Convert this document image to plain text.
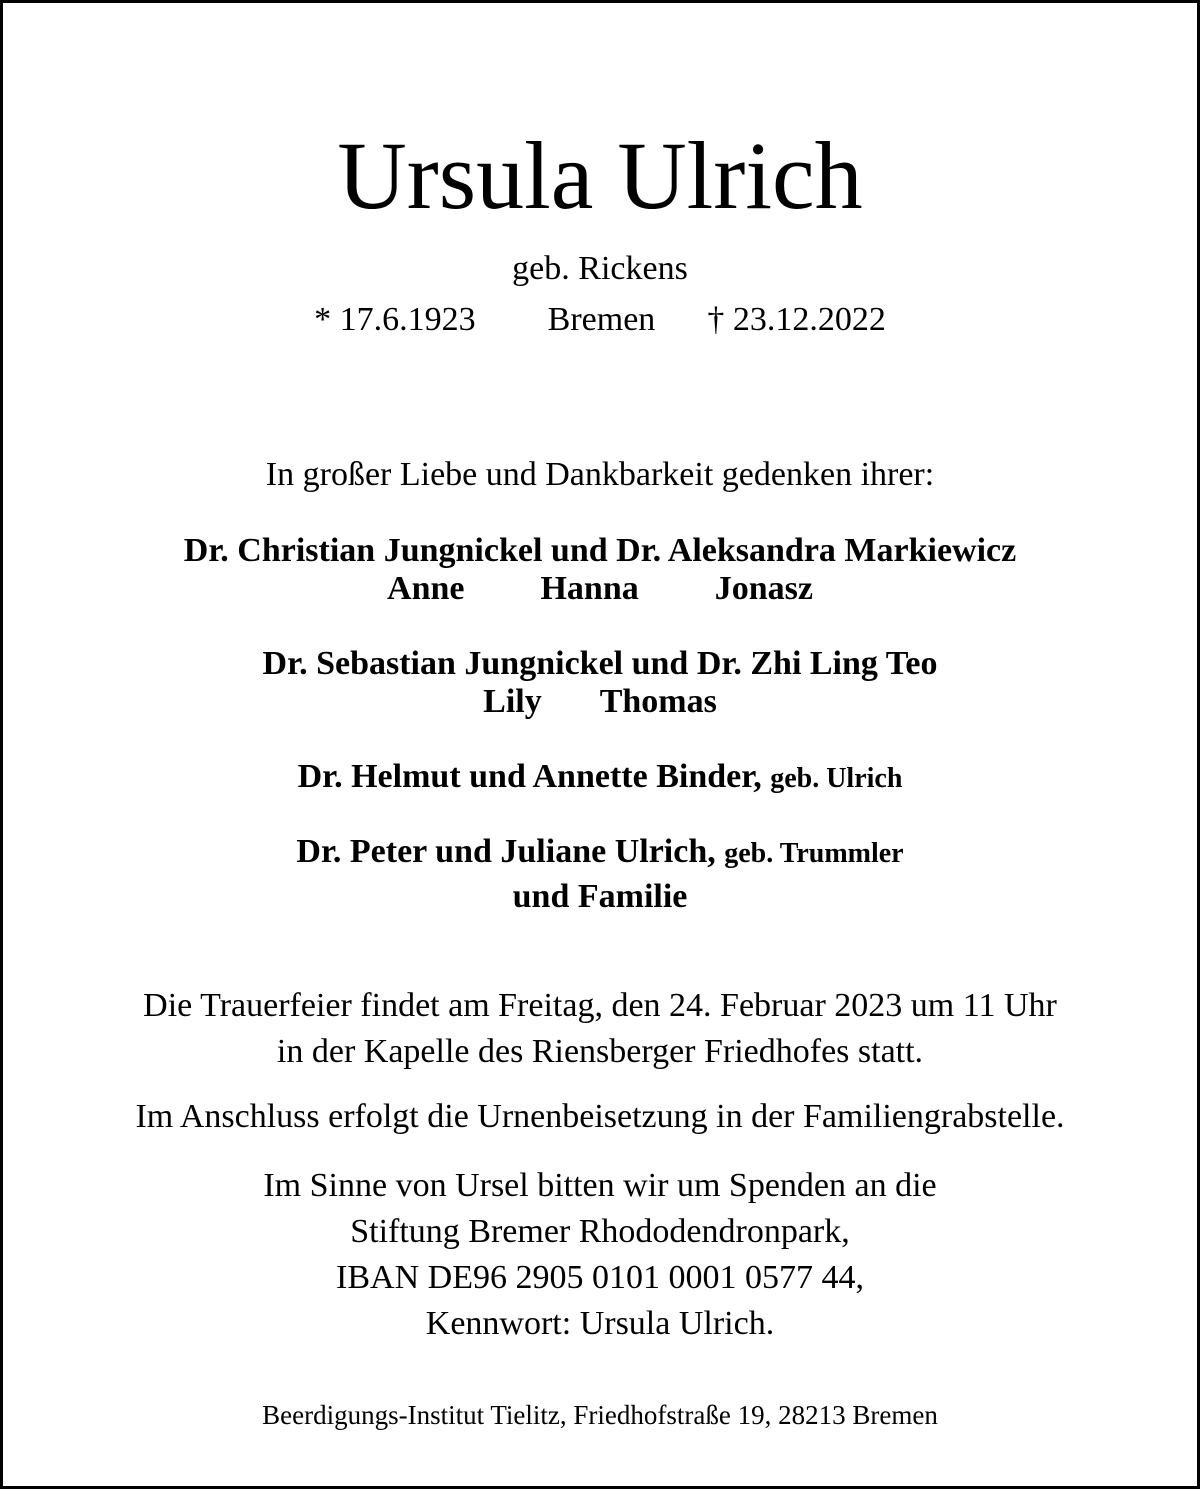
Ursula Ulrich
geb. Rickens
* 17.6.1923 Bremen † 23.12.2022
In großer Liebe und Dankbarkeit gedenken ihrer:
Dr. Christian Jungnickel und Dr. Aleksandra Markiewicz
Anne Hanna Jonasz
Dr. Sebastian Jungnickel und Dr. Zhi Ling Teo
Lily Thomas
Dr. Helmut und Annette Binder, geb. Ulrich
Dr. Peter und Juliane Ulrich, geb. Trummler
und Familie
Die Trauerfeier findet am Freitag, den 24. Februar 2023 um 11 Uhr
in der Kapelle des Riensberger Friedhofes statt.
Im Anschluss erfolgt die Urnenbeisetzung in der Familiengrabstelle.
Im Sinne von Ursel bitten wir um Spenden an die
Stiftung Bremer Rhododendronpark,
IBAN DE96 2905 0101 0001 0577 44,
Kennwort: Ursula Ulrich.
Beerdigungs-Institut Tielitz, Friedhofstraße 19, 28213 Bremen
